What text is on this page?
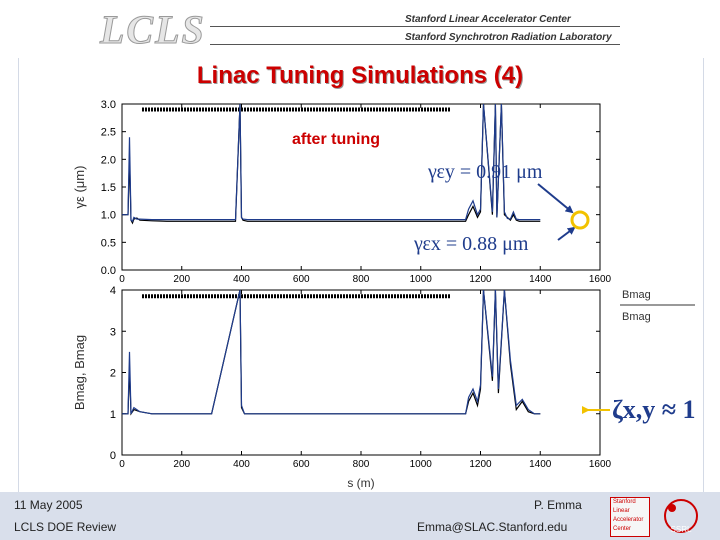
LCLS	Stanford Linear Accelerator Center
Stanford Synchrotron Radiation Laboratory
Linac Tuning Simulations (4)
0	200	400	600	800	1000	1200	1400	1600
0.0
0.5
1.0
1.5
2.0
2.5
3.0
γε (μm)
after tuning
0	200	400	600	800	1000	1200	1400	1600
0
1
2
3
4
Bmag, Bmag
Bmag
Bmag
s (m)
γεy = 0.91 μm
γεx = 0.88 μm
ζx,y ≈ 1
11 May 2005
LCLS DOE Review
P. Emma
Emma@SLAC.Stanford.edu
Stanford
Linear
Accelerator
Center	SSRL
